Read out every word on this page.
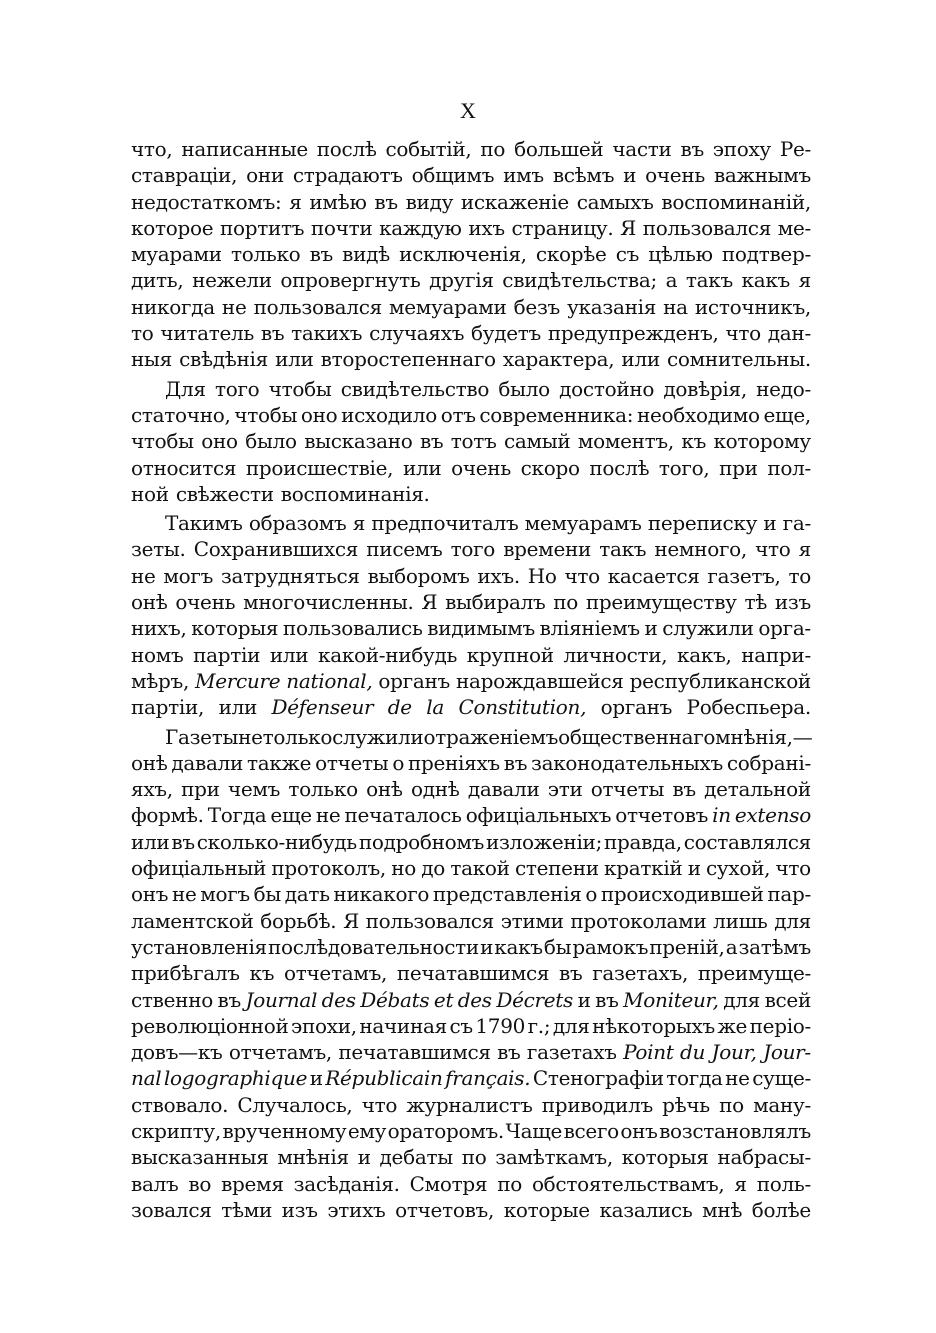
X
что, написанные послѣ событій, по большей части въ эпоху Ре-
ставраціи, они страдаютъ общимъ имъ всѣмъ и очень важнымъ
недостаткомъ: я имѣю въ виду искаженіе самыхъ воспоминаній,
которое портитъ почти каждую ихъ страницу. Я пользовался ме-
муарами только въ видѣ исключенія, скорѣе съ цѣлью подтвер-
дить, нежели опровергнуть другія свидѣтельства; а такъ какъ я
никогда не пользовался мемуарами безъ указанія на источникъ,
то читатель въ такихъ случаяхъ будетъ предупрежденъ, что дан-
ныя свѣдѣнія или второстепеннаго характера, или сомнительны.
Для того чтобы свидѣтельство было достойно довѣрія, недо-
статочно, чтобы оно исходило отъ современника: необходимо еще,
чтобы оно было высказано въ тотъ самый моментъ, къ которому
относится происшествіе, или очень скоро послѣ того, при пол-
ной свѣжести воспоминанія.
Такимъ образомъ я предпочиталъ мемуарамъ переписку и га-
зеты. Сохранившихся писемъ того времени такъ немного, что я
не могъ затрудняться выборомъ ихъ. Но что касается газетъ, то
онѣ очень многочисленны. Я выбиралъ по преимуществу тѣ изъ
нихъ, которыя пользовались видимымъ вліяніемъ и служили орга-
номъ партіи или какой-нибудь крупной личности, какъ, напри-
мѣръ, Mercure national, органъ нарождавшейся республиканской
партіи, или Défenseur de la Constitution, органъ Робеспьера.
Газеты не только служили отраженіемъ общественнаго мнѣнія,—
онѣ давали также отчеты о преніяхъ въ законодательныхъ собрані-
яхъ, при чемъ только онѣ однѣ давали эти отчеты въ детальной
формѣ. Тогда еще не печаталось офиціальныхъ отчетовъ in extenso
или въ сколько-нибудь подробномъ изложеніи; правда, составлялся
офиціальный протоколъ, но до такой степени краткій и сухой, что
онъ не могъ бы дать никакого представленія о происходившей пар-
ламентской борьбѣ. Я пользовался этими протоколами лишь для
установленія послѣдовательности и какъ бы рамокъ преній, а затѣмъ
прибѣгалъ къ отчетамъ, печатавшимся въ газетахъ, преимуще-
ственно въ Journal des Débats et des Décrets и въ Moniteur, для всей
революціонной эпохи, начиная съ 1790 г.; для нѣкоторыхъ же періо-
довъ—къ отчетамъ, печатавшимся въ газетахъ Point du Jour, Jour-
nal logographique и Républicain français. Стенографіи тогда не суще-
ствовало. Случалось, что журналистъ приводилъ рѣчь по ману-
скрипту, врученному ему ораторомъ. Чаще всего онъ возстановлялъ
высказанныя мнѣнія и дебаты по замѣткамъ, которыя набрасы-
валъ во время засѣданія. Смотря по обстоятельствамъ, я поль-
зовался тѣми изъ этихъ отчетовъ, которые казались мнѣ болѣе
